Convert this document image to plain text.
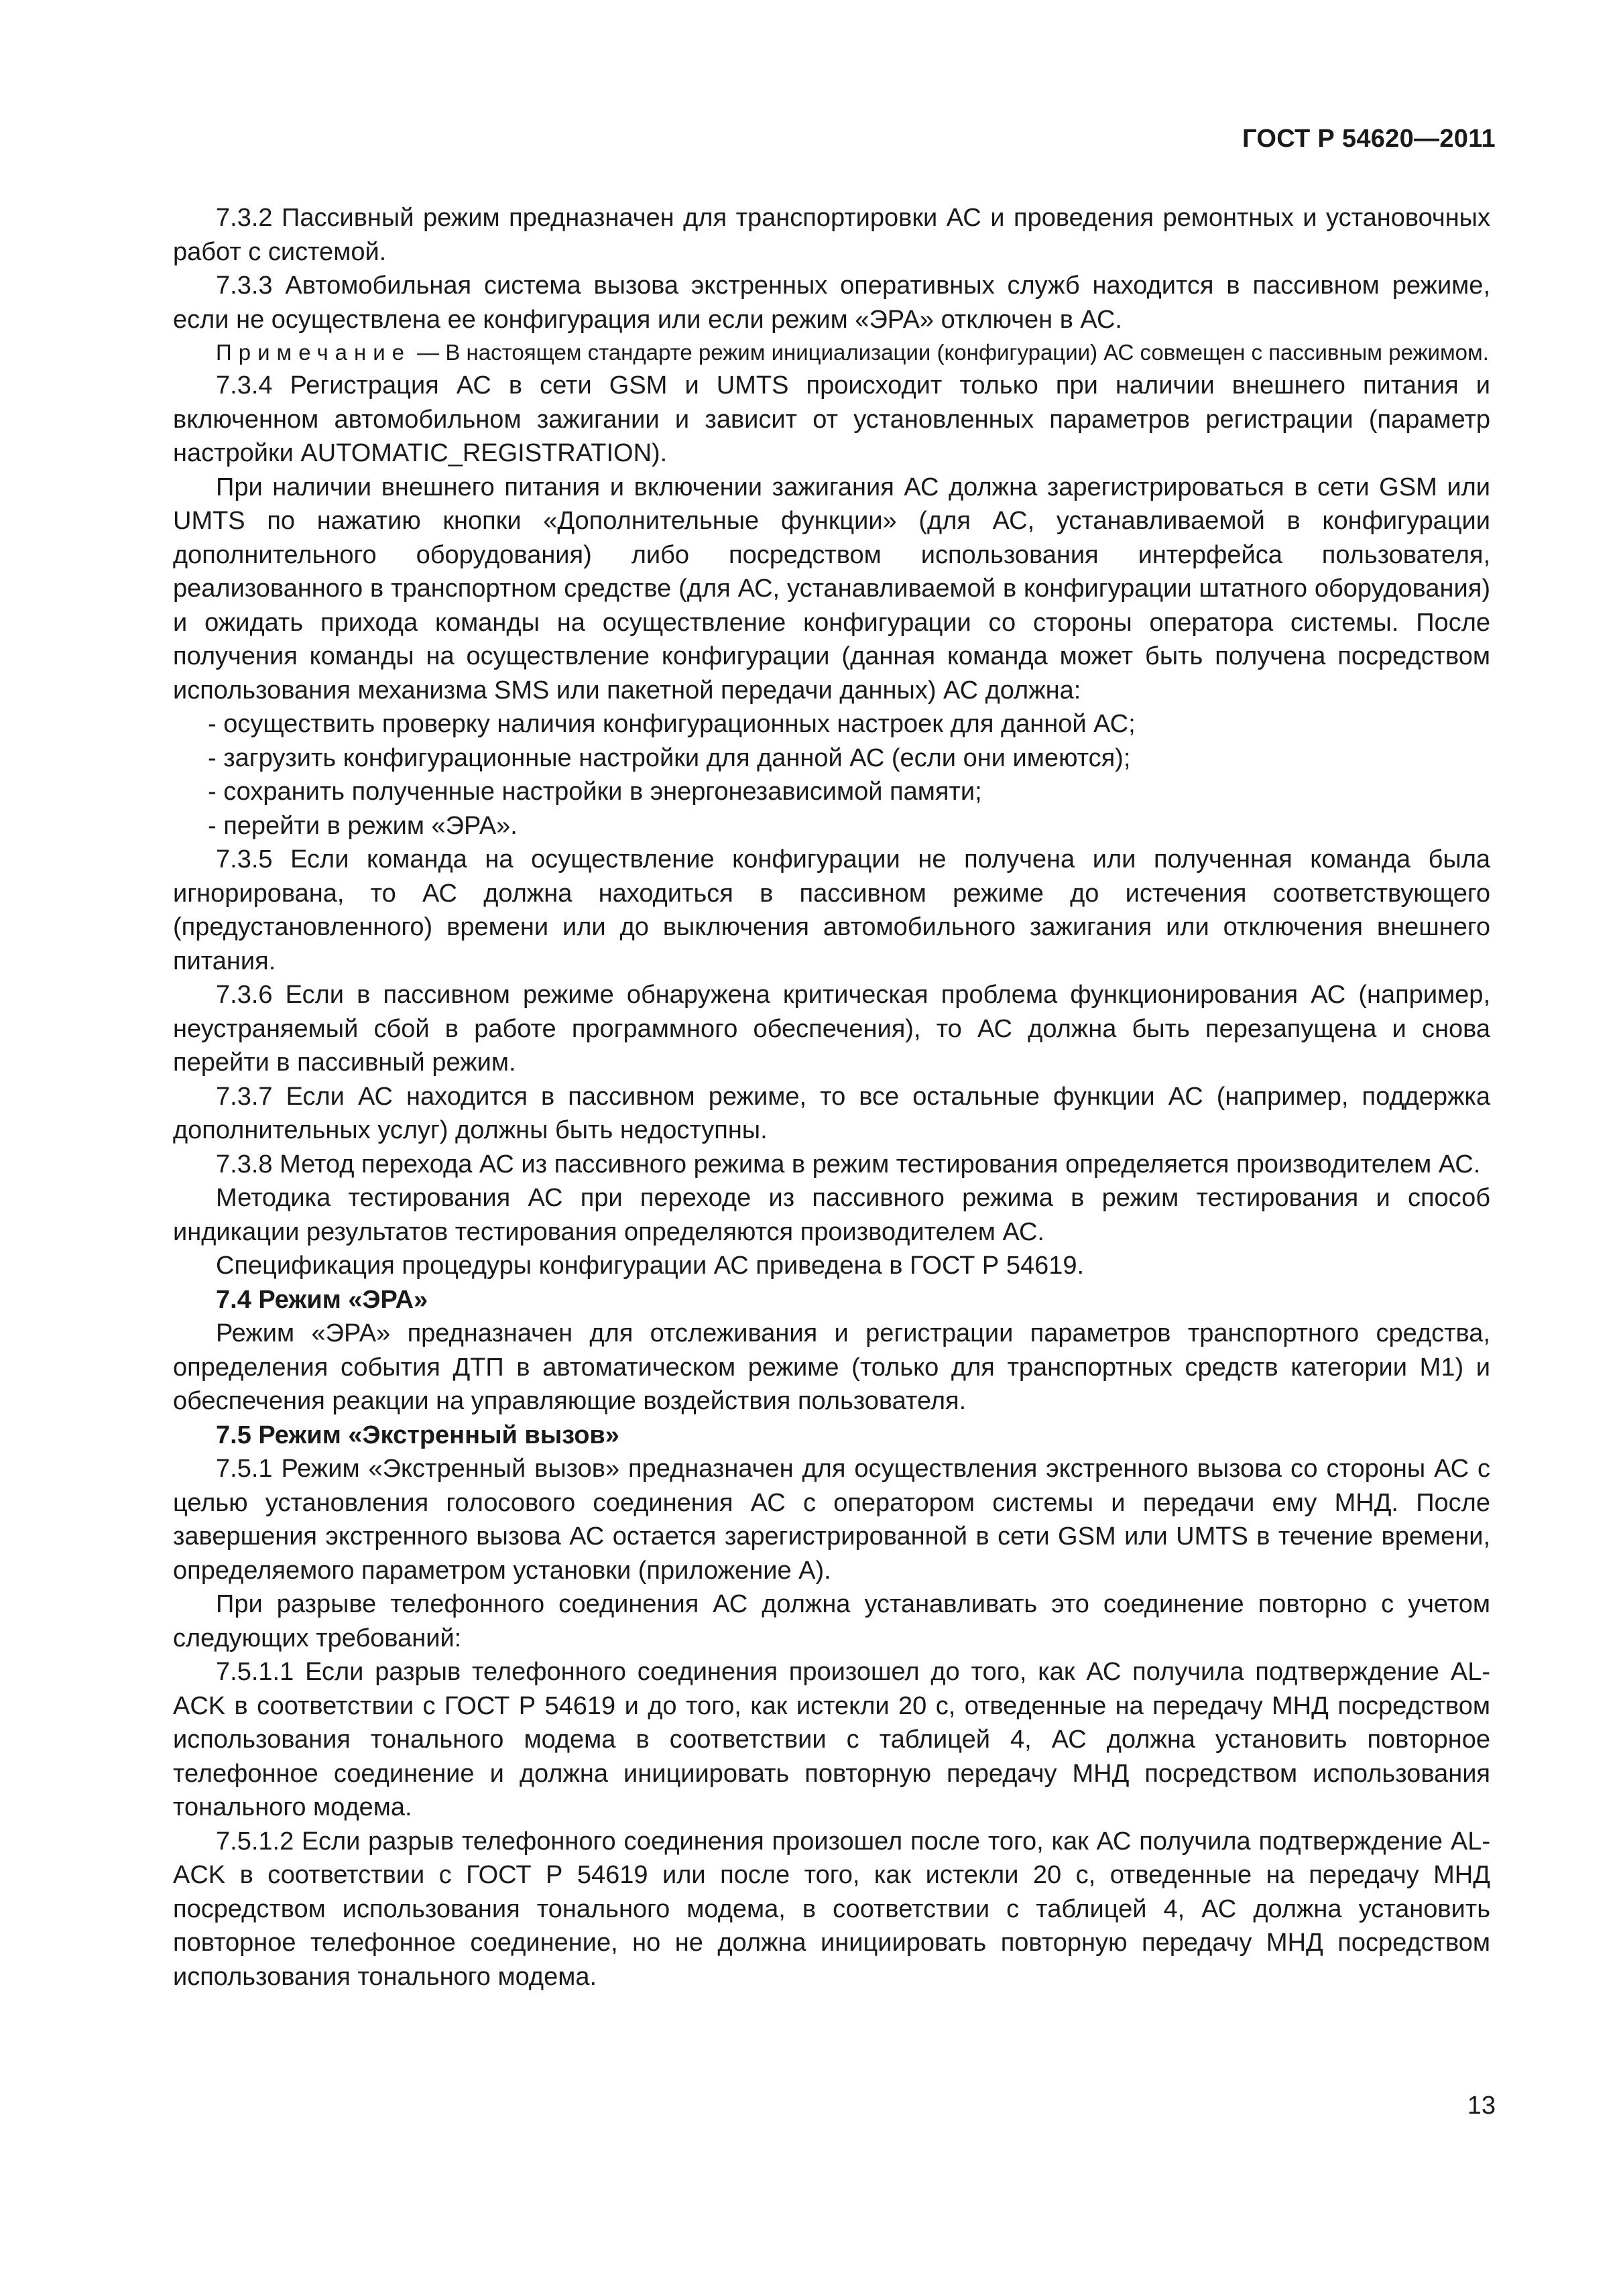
ГОСТ Р 54620—2011

7.3.2 Пассивный режим предназначен для транспортировки АС и проведения ремонтных и установочных работ с системой.

7.3.3 Автомобильная система вызова экстренных оперативных служб находится в пассивном режиме, если не осуществлена ее конфигурация или если режим «ЭРА» отключен в АС.

Примечание — В настоящем стандарте режим инициализации (конфигурации) АС совмещен с пассивным режимом.

7.3.4 Регистрация АС в сети GSM и UMTS происходит только при наличии внешнего питания и включенном автомобильном зажигании и зависит от установленных параметров регистрации (параметр настройки AUTOMATIC_REGISTRATION).

При наличии внешнего питания и включении зажигания АС должна зарегистрироваться в сети GSM или UMTS по нажатию кнопки «Дополнительные функции» (для АС, устанавливаемой в конфигурации дополнительного оборудования) либо посредством использования интерфейса пользователя, реализованного в транспортном средстве (для АС, устанавливаемой в конфигурации штатного оборудования) и ожидать прихода команды на осуществление конфигурации со стороны оператора системы. После получения команды на осуществление конфигурации (данная команда может быть получена посредством использования механизма SMS или пакетной передачи данных) АС должна:

- осуществить проверку наличия конфигурационных настроек для данной АС;

- загрузить конфигурационные настройки для данной АС (если они имеются);

- сохранить полученные настройки в энергонезависимой памяти;

- перейти в режим «ЭРА».

7.3.5 Если команда на осуществление конфигурации не получена или полученная команда была игнорирована, то АС должна находиться в пассивном режиме до истечения соответствующего (предустановленного) времени или до выключения автомобильного зажигания или отключения внешнего питания.

7.3.6 Если в пассивном режиме обнаружена критическая проблема функционирования АС (например, неустраняемый сбой в работе программного обеспечения), то АС должна быть перезапущена и снова перейти в пассивный режим.

7.3.7 Если АС находится в пассивном режиме, то все остальные функции АС (например, поддержка дополнительных услуг) должны быть недоступны.

7.3.8 Метод перехода АС из пассивного режима в режим тестирования определяется производителем АС.

Методика тестирования АС при переходе из пассивного режима в режим тестирования и способ индикации результатов тестирования определяются производителем АС.

Спецификация процедуры конфигурации АС приведена в ГОСТ Р 54619.

7.4 Режим «ЭРА»

Режим «ЭРА» предназначен для отслеживания и регистрации параметров транспортного средства, определения события ДТП в автоматическом режиме (только для транспортных средств категории М1) и обеспечения реакции на управляющие воздействия пользователя.

7.5 Режим «Экстренный вызов»

7.5.1 Режим «Экстренный вызов» предназначен для осуществления экстренного вызова со стороны АС с целью установления голосового соединения АС с оператором системы и передачи ему МНД. После завершения экстренного вызова АС остается зарегистрированной в сети GSM или UMTS в течение времени, определяемого параметром установки (приложение А).

При разрыве телефонного соединения АС должна устанавливать это соединение повторно с учетом следующих требований:

7.5.1.1 Если разрыв телефонного соединения произошел до того, как АС получила подтверждение AL-ACK в соответствии с ГОСТ Р 54619 и до того, как истекли 20 с, отведенные на передачу МНД посредством использования тонального модема в соответствии с таблицей 4, АС должна установить повторное телефонное соединение и должна инициировать повторную передачу МНД посредством использования тонального модема.

7.5.1.2 Если разрыв телефонного соединения произошел после того, как АС получила подтверждение AL-ACK в соответствии с ГОСТ Р 54619 или после того, как истекли 20 с, отведенные на передачу МНД посредством использования тонального модема, в соответствии с таблицей 4, АС должна установить повторное телефонное соединение, но не должна инициировать повторную передачу МНД посредством использования тонального модема.

13
